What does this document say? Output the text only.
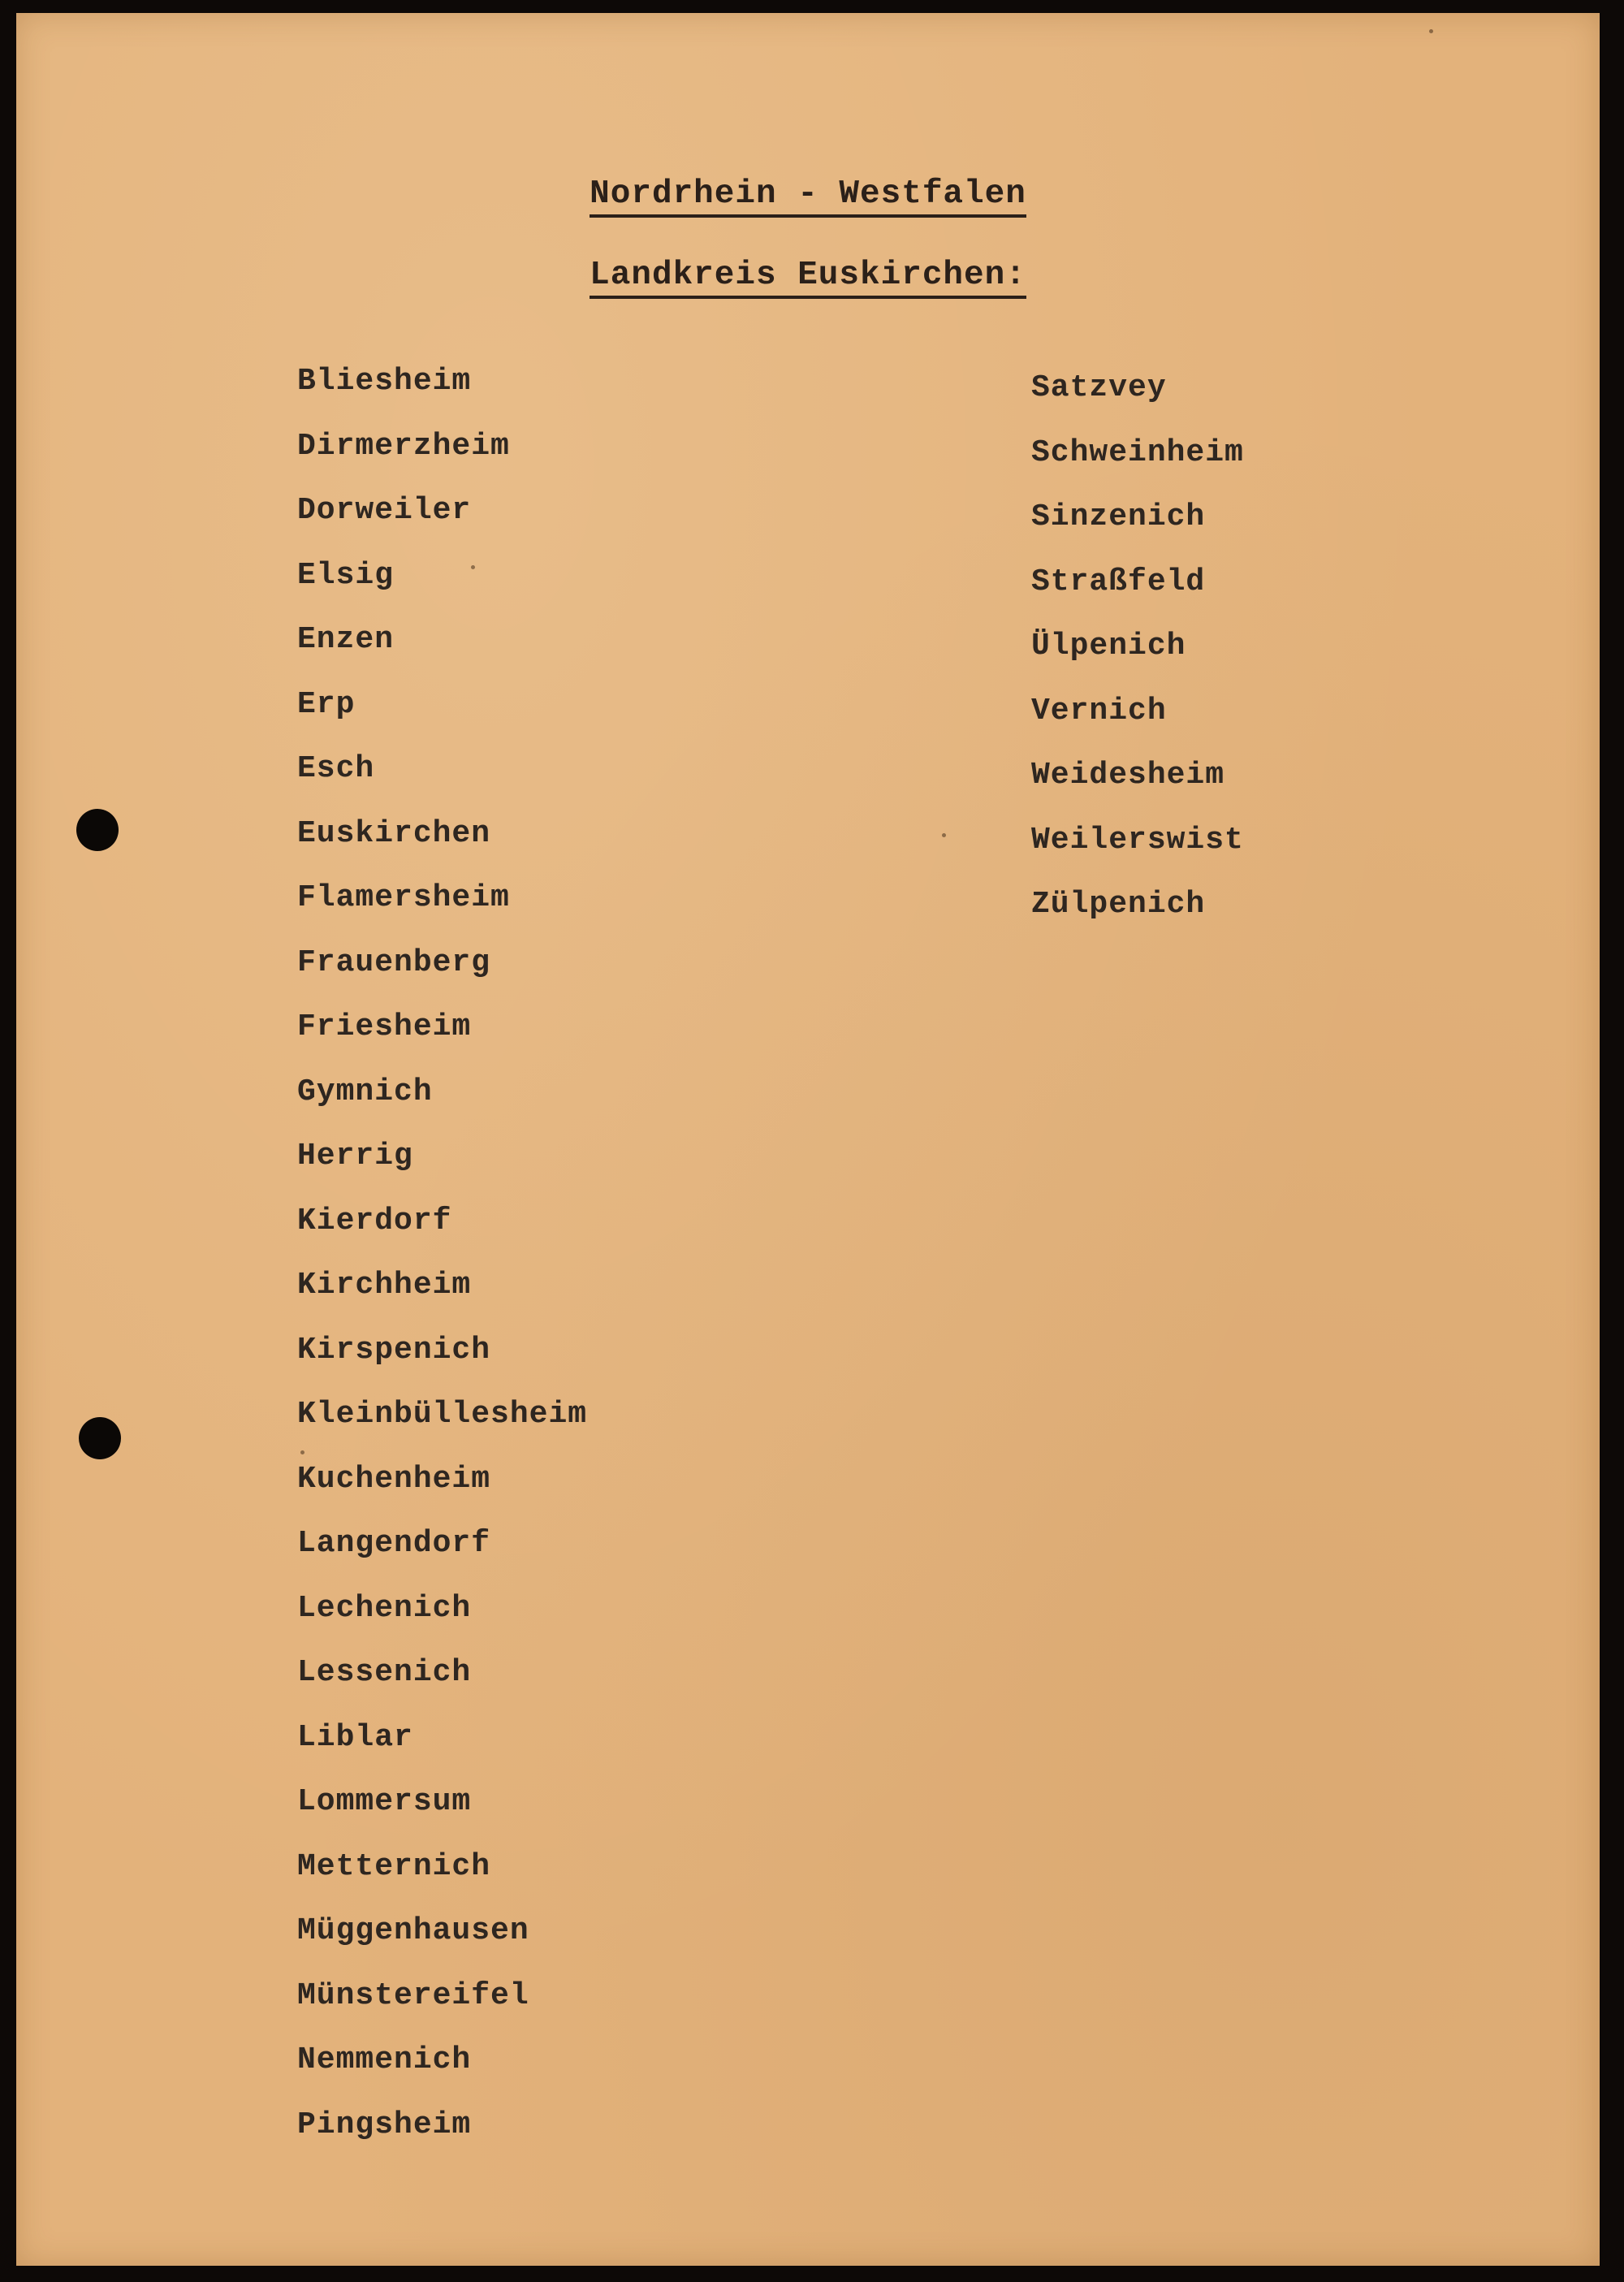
Nordrhein - Westfalen
Landkreis Euskirchen:
Bliesheim
Dirmerzheim
Dorweiler
Elsig
Enzen
Erp
Esch
Euskirchen
Flamersheim
Frauenberg
Friesheim
Gymnich
Herrig
Kierdorf
Kirchheim
Kirspenich
Kleinbüllesheim
Kuchenheim
Langendorf
Lechenich
Lessenich
Liblar
Lommersum
Metternich
Müggenhausen
Münstereifel
Nemmenich
Pingsheim
Satzvey
Schweinheim
Sinzenich
Straßfeld
Ülpenich
Vernich
Weidesheim
Weilerswist
Zülpenich
